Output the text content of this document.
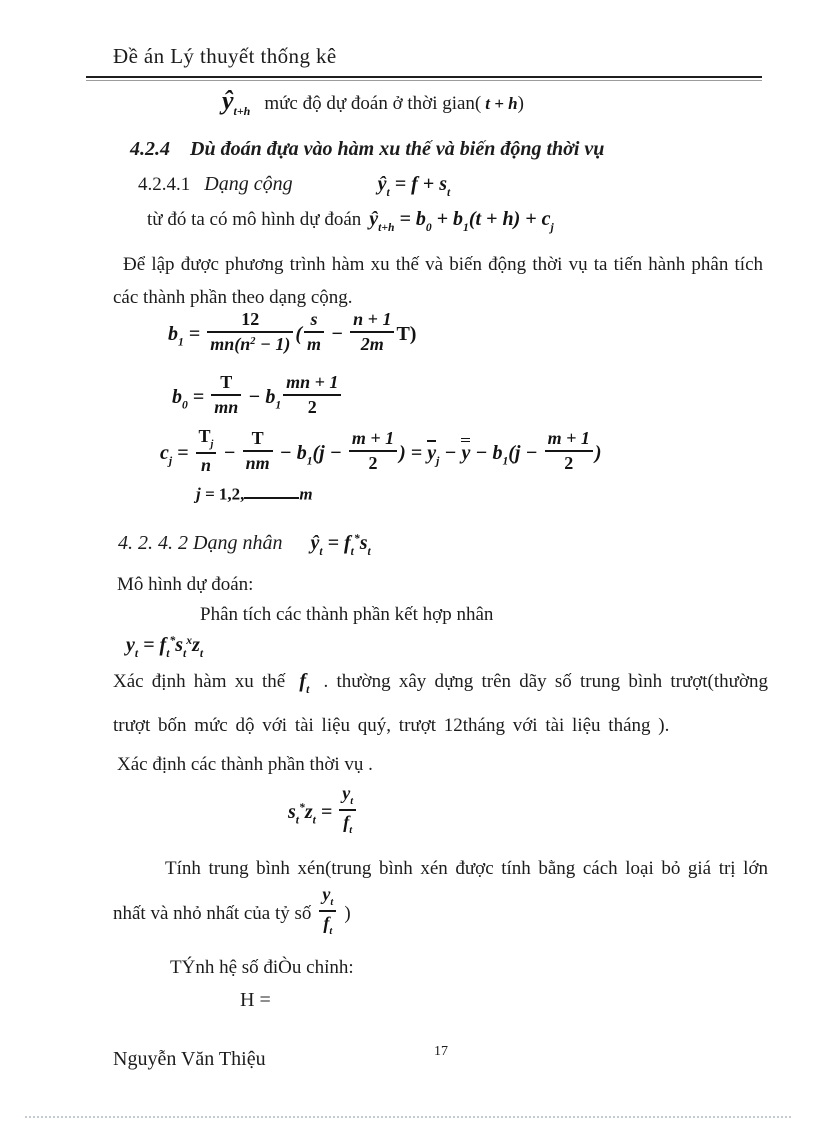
Đề án Lý thuyết thống kê
$ŷ_{t+h}$ mức độ dự đoán ở thời gian( t + h )
4.2.4 Dù đoán đựa vào hàm xu thế và biến động thời vụ
4.2.4.1 Dạng cộng	$ŷ_t = f + s_t$
từ đó ta có mô hình dự đoán $ŷ_{t+h} = b_0 + b_1(t + h) + c_j$
Để lập được phương trình hàm xu thế và biến động thời vụ ta tiến hành phân tích
các thành phần theo dạng cộng.
$b_1 = \frac{12}{mn(n^2 - 1)}$ ( $\frac{s}{m} - \frac{n + 1}{2m} T$)
$b_0 = \frac{T}{mn} - b_1 \frac{mn + 1}{2}$
$c_j = \frac{T_j}{n} - \frac{T}{nm} - b_1(j - \frac{m + 1}{2}$ ) = $y_j - y - b_1(j - \frac{m + 1}{2}$ )
j = 1,2,	m
4. 2. 4. 2 Dạng nhân $ŷ_t = f_t^*s_t$
Mô hình dự đoán:
Phân tích các thành phần kết hợp nhân
$y_t = f_t^*s_t^xz_t$
Xác định hàm xu thế $f_t$ . thường xây dựng trên dãy số trung bình trượt(thường
trượt bốn mức dộ với tài liệu quý, trượt 12tháng với tài liệu tháng ).
Xác định các thành phần thời vụ .
$s_t^*z_t = \frac{y_t}{f_t}$
Tính trung bình xén(trung bình xén được tính bằng cách loại bỏ giá trị lớn
nhất và nhỏ nhất của tỷ số $\frac{y_t}{f_t}$ )
TÝnh hệ số điÒu chỉnh:
H =
Nguyễn Văn Thiệu	17
